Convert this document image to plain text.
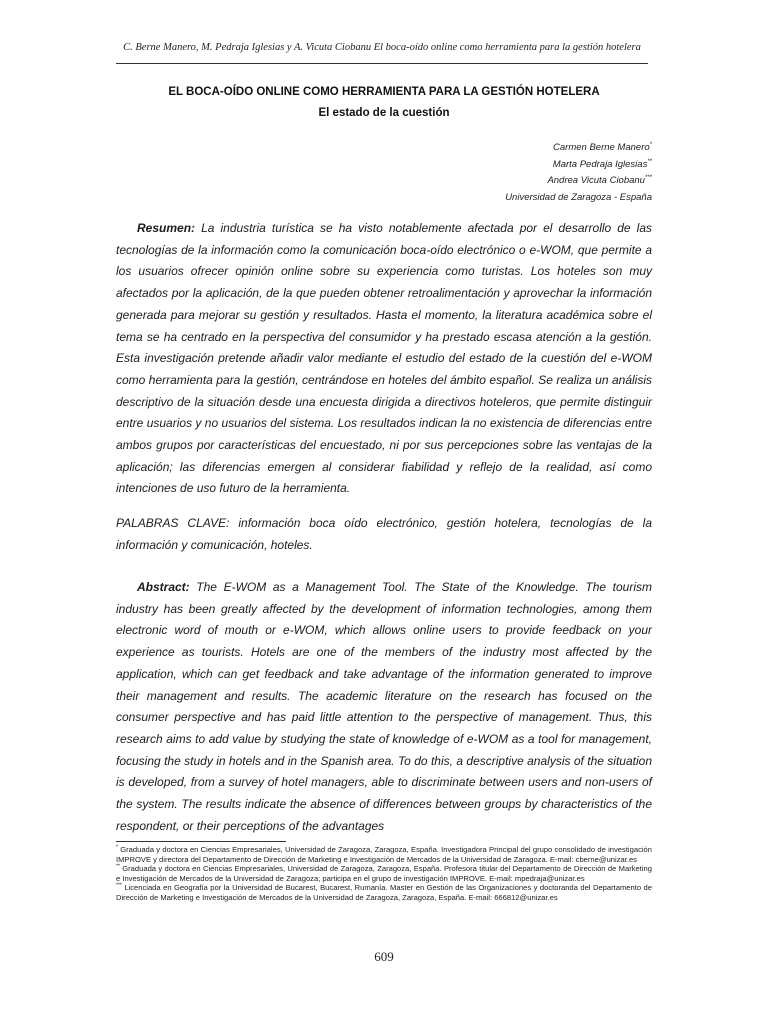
C. Berne Manero, M. Pedraja Iglesias y A. Vicuta Ciobanu El boca-oído online como herramienta para la gestión hotelera
EL BOCA-OÍDO ONLINE COMO HERRAMIENTA PARA LA GESTIÓN HOTELERA
El estado de la cuestión
Carmen Berne Manero*
Marta Pedraja Iglesias**
Andrea Vicuta Ciobanu***
Universidad de Zaragoza - España
Resumen: La industria turística se ha visto notablemente afectada por el desarrollo de las tecnologías de la información como la comunicación boca-oído electrónico o e-WOM, que permite a los usuarios ofrecer opinión online sobre su experiencia como turistas. Los hoteles son muy afectados por la aplicación, de la que pueden obtener retroalimentación y aprovechar la información generada para mejorar su gestión y resultados. Hasta el momento, la literatura académica sobre el tema se ha centrado en la perspectiva del consumidor y ha prestado escasa atención a la gestión. Esta investigación pretende añadir valor mediante el estudio del estado de la cuestión del e-WOM como herramienta para la gestión, centrándose en hoteles del ámbito español. Se realiza un análisis descriptivo de la situación desde una encuesta dirigida a directivos hoteleros, que permite distinguir entre usuarios y no usuarios del sistema. Los resultados indican la no existencia de diferencias entre ambos grupos por características del encuestado, ni por sus percepciones sobre las ventajas de la aplicación; las diferencias emergen al considerar fiabilidad y reflejo de la realidad, así como intenciones de uso futuro de la herramienta.
PALABRAS CLAVE: información boca oído electrónico, gestión hotelera, tecnologías de la información y comunicación, hoteles.
Abstract: The E-WOM as a Management Tool. The State of the Knowledge. The tourism industry has been greatly affected by the development of information technologies, among them electronic word of mouth or e-WOM, which allows online users to provide feedback on your experience as tourists. Hotels are one of the members of the industry most affected by the application, which can get feedback and take advantage of the information generated to improve their management and results. The academic literature on the research has focused on the consumer perspective and has paid little attention to the perspective of management. Thus, this research aims to add value by studying the state of knowledge of e-WOM as a tool for management, focusing the study in hotels and in the Spanish area. To do this, a descriptive analysis of the situation is developed, from a survey of hotel managers, able to discriminate between users and non-users of the system. The results indicate the absence of differences between groups by characteristics of the respondent, or their perceptions of the advantages

* Graduada y doctora en Ciencias Empresariales, Universidad de Zaragoza, Zaragoza, España. Investigadora Principal del grupo consolidado de investigación IMPROVE y directora del Departamento de Dirección de Marketing e Investigación de Mercados de la Universidad de Zaragoza. E-mail: cberne@unizar.es

** Graduada y doctora en Ciencias Empresariales, Universidad de Zaragoza, Zaragoza, España. Profesora titular del Departamento de Dirección de Marketing e Investigación de Mercados de la Universidad de Zaragoza; participa en el grupo de investigación IMPROVE. E-mail: mpedraja@unizar.es

*** Licenciada en Geografía por la Universidad de Bucarest, Bucarest, Rumanía. Master en Gestión de las Organizaciones y doctoranda del Departamento de Dirección de Marketing e Investigación de Mercados de la Universidad de Zaragoza, Zaragoza, España. E-mail: 666812@unizar.es

609
